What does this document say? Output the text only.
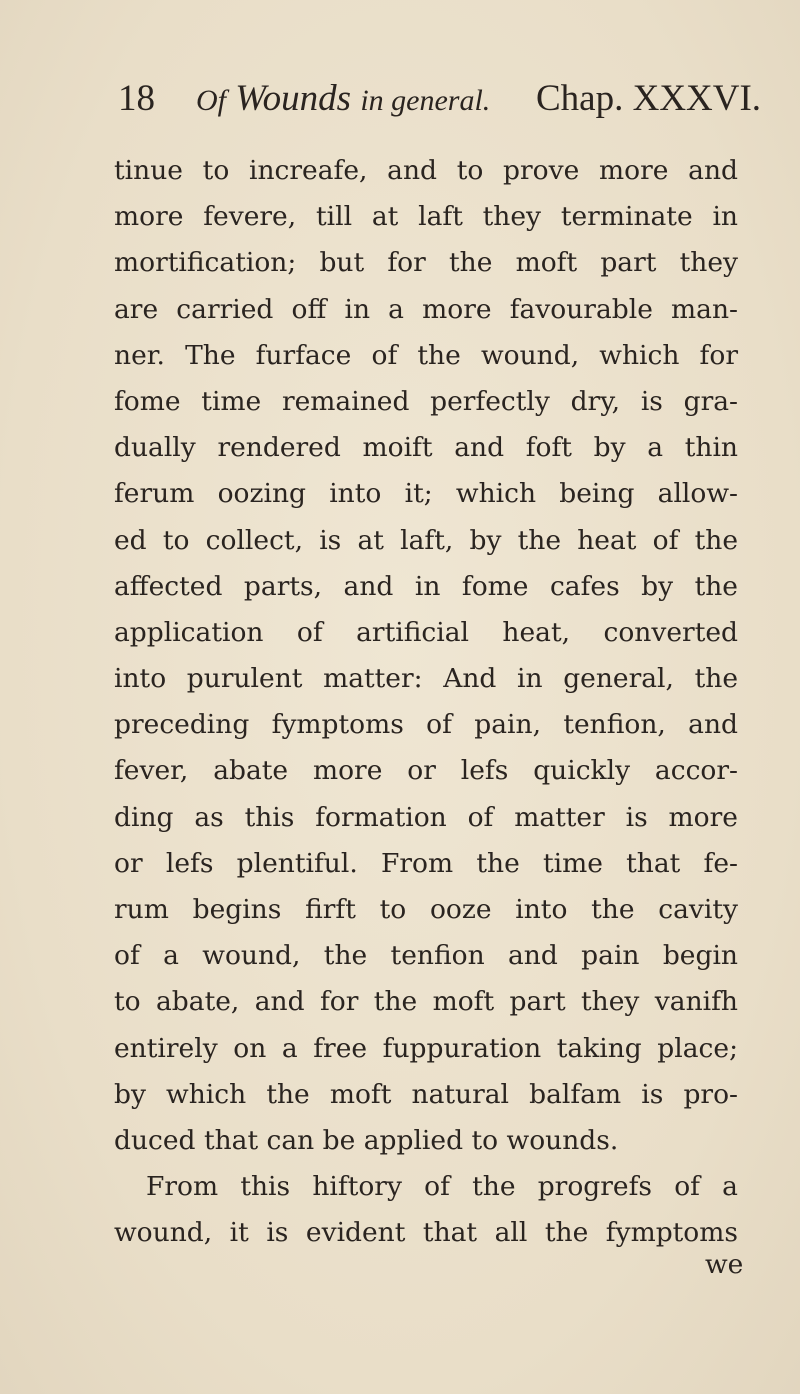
18 Of Wounds in general. Chap. XXXVI.
tinue to increafe, and to prove more and
more fevere, till at laft they terminate in
mortification; but for the moft part they
are carried off in a more favourable man-
ner. The furface of the wound, which for
fome time remained perfectly dry, is gra-
dually rendered moift and foft by a thin
ferum oozing into it; which being allow-
ed to collect, is at laft, by the heat of the
affected parts, and in fome cafes by the
application of artificial heat, converted
into purulent matter: And in general, the
preceding fymptoms of pain, tenfion, and
fever, abate more or lefs quickly accor-
ding as this formation of matter is more
or lefs plentiful. From the time that fe-
rum begins firft to ooze into the cavity
of a wound, the tenfion and pain begin
to abate, and for the moft part they vanifh
entirely on a free fuppuration taking place;
by which the moft natural balfam is pro-
duced that can be applied to wounds.
From this hiftory of the progrefs of a
wound, it is evident that all the fymptoms
we
